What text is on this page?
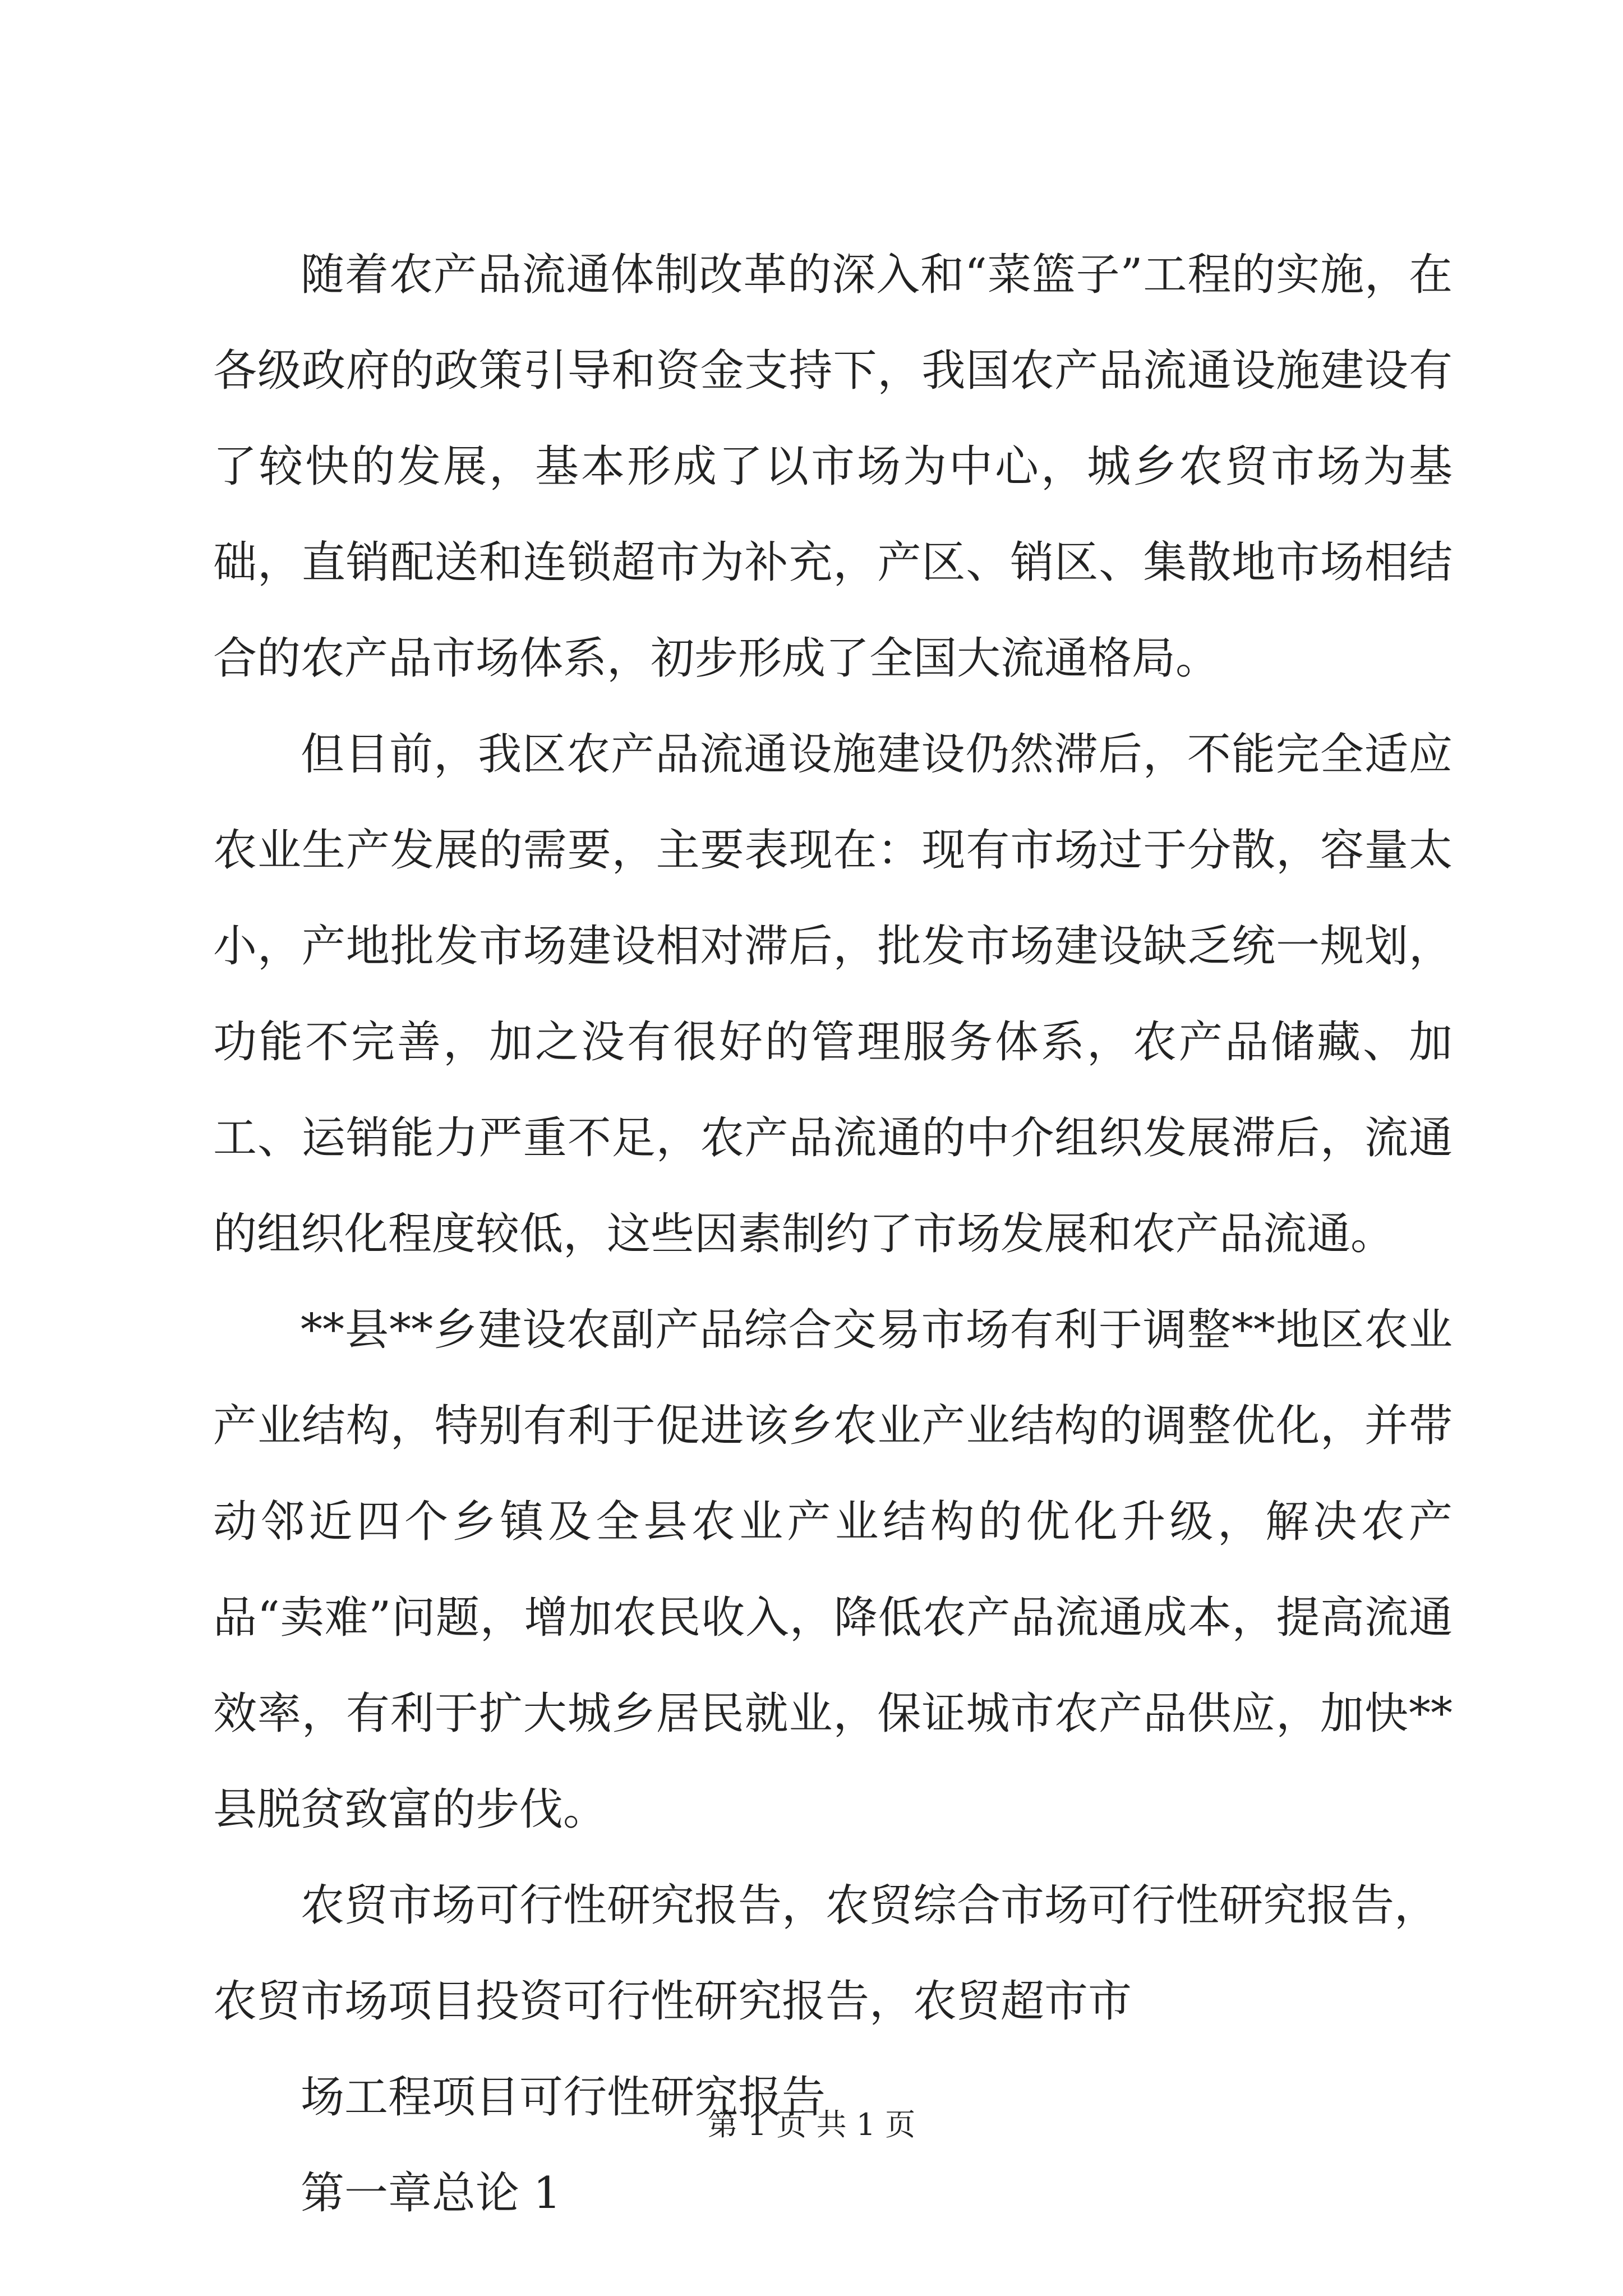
随着农产品流通体制改革的深入和“菜篮子”工程的实施，在各级政府的政策引导和资金支持下，我国农产品流通设施建设有了较快的发展，基本形成了以市场为中心，城乡农贸市场为基础，直销配送和连锁超市为补充，产区、销区、集散地市场相结合的农产品市场体系，初步形成了全国大流通格局。

但目前，我区农产品流通设施建设仍然滞后，不能完全适应农业生产发展的需要，主要表现在：现有市场过于分散，容量太小，产地批发市场建设相对滞后，批发市场建设缺乏统一规划，功能不完善，加之没有很好的管理服务体系，农产品储藏、加工、运销能力严重不足，农产品流通的中介组织发展滞后，流通的组织化程度较低，这些因素制约了市场发展和农产品流通。

**县**乡建设农副产品综合交易市场有利于调整**地区农业产业结构，特别有利于促进该乡农业产业结构的调整优化，并带动邻近四个乡镇及全县农业产业结构的优化升级，解决农产品“卖难”问题，增加农民收入，降低农产品流通成本，提高流通效率，有利于扩大城乡居民就业，保证城市农产品供应，加快**县脱贫致富的步伐。

农贸市场可行性研究报告，农贸综合市场可行性研究报告，

农贸市场项目投资可行性研究报告，农贸超市市

场工程项目可行性研究报告

第一章总论 1

第 1 页 共 1 页
